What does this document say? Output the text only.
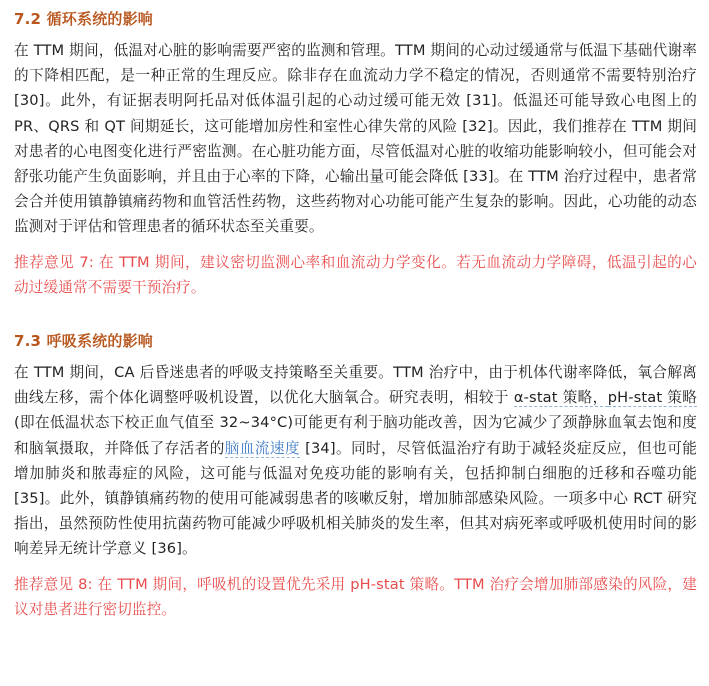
7.2 循环系统的影响

在 TTM 期间，低温对心脏的影响需要严密的监测和管理。TTM 期间的心动过缓通常与低温下基础代谢率的下降相匹配，是一种正常的生理反应。除非存在血流动力学不稳定的情况，否则通常不需要特别治疗 [30]。此外，有证据表明阿托品对低体温引起的心动过缓可能无效 [31]。低温还可能导致心电图上的 PR、QRS 和 QT 间期延长，这可能增加房性和室性心律失常的风险 [32]。因此，我们推荐在 TTM 期间对患者的心电图变化进行严密监测。在心脏功能方面，尽管低温对心脏的收缩功能影响较小，但可能会对舒张功能产生负面影响，并且由于心率的下降，心输出量可能会降低 [33]。在 TTM 治疗过程中，患者常会合并使用镇静镇痛药物和血管活性药物，这些药物对心功能可能产生复杂的影响。因此，心功能的动态监测对于评估和管理患者的循环状态至关重要。

推荐意见 7: 在 TTM 期间，建议密切监测心率和血流动力学变化。若无血流动力学障碍，低温引起的心动过缓通常不需要干预治疗。

7.3 呼吸系统的影响

在 TTM 期间，CA 后昏迷患者的呼吸支持策略至关重要。TTM 治疗中，由于机体代谢率降低，氧合解离曲线左移，需个体化调整呼吸机设置，以优化大脑氧合。研究表明，相较于 α-stat 策略，pH-stat 策略(即在低温状态下校正血气值至 32~34°C)可能更有利于脑功能改善，因为它减少了颈静脉血氧去饱和度和脑氧摄取，并降低了存活者的脑血流速度 [34]。同时，尽管低温治疗有助于减轻炎症反应，但也可能增加肺炎和脓毒症的风险，这可能与低温对免疫功能的影响有关，包括抑制白细胞的迁移和吞噬功能 [35]。此外，镇静镇痛药物的使用可能减弱患者的咳嗽反射，增加肺部感染风险。一项多中心 RCT 研究指出，虽然预防性使用抗菌药物可能减少呼吸机相关肺炎的发生率，但其对病死率或呼吸机使用时间的影响差异无统计学意义 [36]。

推荐意见 8: 在 TTM 期间，呼吸机的设置优先采用 pH-stat 策略。TTM 治疗会增加肺部感染的风险，建议对患者进行密切监控。
